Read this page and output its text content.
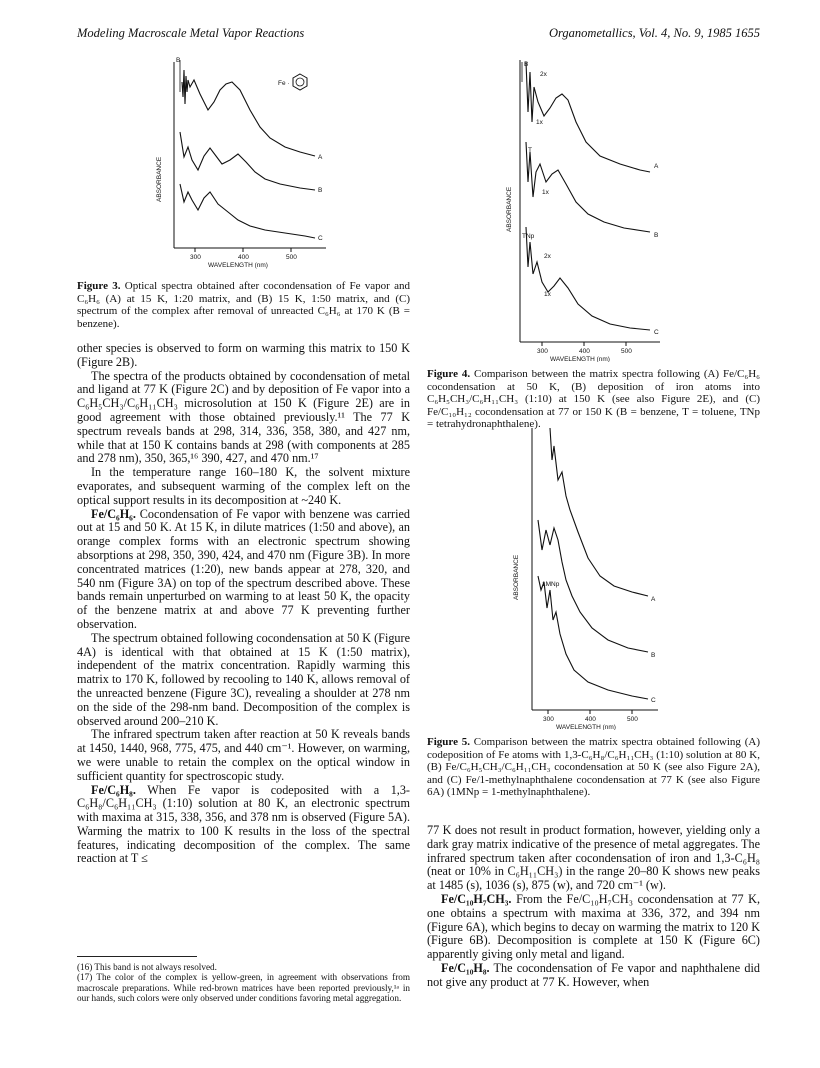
Modeling Macroscale Metal Vapor Reactions	Organometallics, Vol. 4, No. 9, 1985 1655
300	400	500
WAVELENGTH (nm)
ABSORBANCE
B
Fe ·
A
B
C
Figure 3. Optical spectra obtained after cocondensation of Fe vapor and C₆H₆ (A) at 15 K, 1:20 matrix, and (B) 15 K, 1:50 matrix, and (C) spectrum of the complex after removal of unreacted C₆H₆ at 170 K (B = benzene).

other species is observed to form on warming this matrix to 150 K (Figure 2B).

The spectra of the products obtained by cocondensation of metal and ligand at 77 K (Figure 2C) and by deposition of Fe vapor into a C₆H₅CH₃/C₆H₁₁CH₃ microsolution at 150 K (Figure 2E) are in good agreement with those obtained previously.¹¹ The 77 K spectrum reveals bands at 298, 314, 336, 358, 380, and 427 nm, while that at 150 K contains bands at 298 (with components at 285 and 278 nm), 350, 365,¹⁶ 390, 427, and 470 nm.¹⁷

In the temperature range 160–180 K, the solvent mixture evaporates, and subsequent warming of the complex left on the optical support results in its decomposition at ~240 K.

Fe/C₆H₆. Cocondensation of Fe vapor with benzene was carried out at 15 and 50 K. At 15 K, in dilute matrices (1:50 and above), an orange complex forms with an electronic spectrum showing absorptions at 298, 350, 390, 424, and 470 nm (Figure 3B). In more concentrated matrices (1:20), new bands appear at 278, 320, and 540 nm (Figure 3A) on top of the spectrum described above. These bands remain unperturbed on warming to at least 50 K, the opacity of the benzene matrix at and above 77 K preventing further observation.

The spectrum obtained following cocondensation at 50 K (Figure 4A) is identical with that obtained at 15 K (1:50 matrix), independent of the matrix concentration. Rapidly warming this matrix to 170 K, followed by recooling to 140 K, allows removal of the unreacted benzene (Figure 3C), revealing a shoulder at 278 nm on the side of the 298-nm band. Decomposition of the complex is observed around 200–210 K.

The infrared spectrum taken after reaction at 50 K reveals bands at 1450, 1440, 968, 775, 475, and 440 cm⁻¹. However, on warming, we were unable to retain the complex on the optical window in sufficient quantity for spectroscopic study.

Fe/C₆H₈. When Fe vapor is codeposited with a 1,3-C₆H₈/C₆H₁₁CH₃ (1:10) solution at 80 K, an electronic spectrum with maxima at 315, 338, 356, and 378 nm is observed (Figure 5A). Warming the matrix to 100 K results in the loss of the spectral features, indicating decomposition of the complex. The same reaction at T ≤

(16) This band is not always resolved.
(17) The color of the complex is yellow-green, in agreement with observations from macroscale preparations. While red-brown matrices have been reported previously,¹ᵃ in our hands, such colors were only observed under conditions favoring metal aggregation.
300	400	500
WAVELENGTH (nm)
ABSORBANCE
B
2x
1x
T
1x
TNp
2x
1x
A
B
C
Figure 4. Comparison between the matrix spectra following (A) Fe/C₆H₆ cocondensation at 50 K, (B) deposition of iron atoms into C₆H₅CH₃/C₆H₁₁CH₃ (1:10) at 150 K (see also Figure 2E), and (C) Fe/C₁₀H₁₂ cocondensation at 77 or 150 K (B = benzene, T = toluene, TNp = tetrahydronaphthalene).
300	400	500
WAVELENGTH (nm)
ABSORBANCE	1MNp
A
B
C
Figure 5. Comparison between the matrix spectra obtained following (A) codeposition of Fe atoms with 1,3-C₆H₈/C₆H₁₁CH₃ (1:10) solution at 80 K, (B) Fe/C₆H₅CH₃/C₆H₁₁CH₃ cocondensation at 50 K (see also Figure 2A), and (C) Fe/1-methylnaphthalene cocondensation at 77 K (see also Figure 6A) (1MNp = 1-methylnaphthalene).

77 K does not result in product formation, however, yielding only a dark gray matrix indicative of the presence of metal aggregates. The infrared spectrum taken after cocondensation of iron and 1,3-C₆H₈ (neat or 10% in C₆H₁₁CH₃) in the range 20–80 K shows new peaks at 1485 (s), 1036 (s), 875 (w), and 720 cm⁻¹ (w).

Fe/C₁₀H₇CH₃. From the Fe/C₁₀H₇CH₃ cocondensation at 77 K, one obtains a spectrum with maxima at 336, 372, and 394 nm (Figure 6A), which begins to decay on warming the matrix to 120 K (Figure 6B). Decomposition is complete at 150 K (Figure 6C) apparently giving only metal and ligand.

Fe/C₁₀H₈. The cocondensation of Fe vapor and naphthalene did not give any product at 77 K. However, when
